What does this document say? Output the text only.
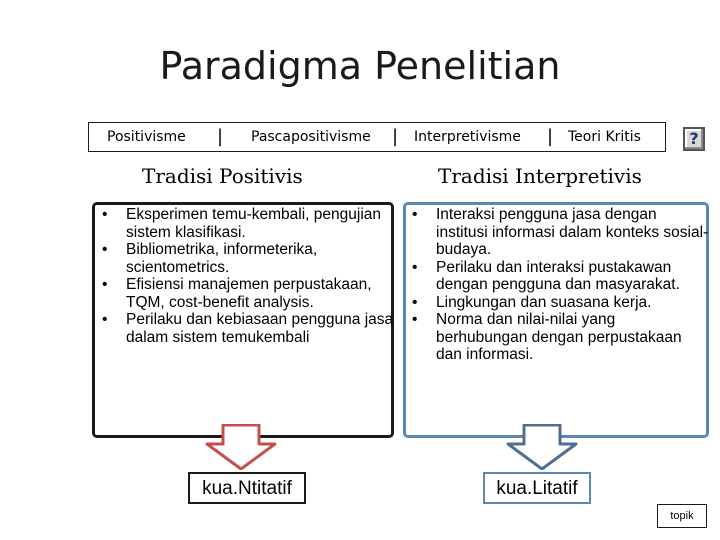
Paradigma Penelitian
Positivisme | Pascapositivisme | Interpretivisme | Teori Kritis	?
Tradisi Positivis	Tradisi Interpretivis
• Eksperimen temu-kembali, pengujian sistem klasifikasi.
• Bibliometrika, informeterika, scientometrics.
• Efisiensi manajemen perpustakaan, TQM, cost-benefit analysis.
• Perilaku dan kebiasaan pengguna jasa dalam sistem temukembali
• Interaksi pengguna jasa dengan institusi informasi dalam konteks sosial-budaya.
• Perilaku dan interaksi pustakawan dengan pengguna dan masyarakat.
• Lingkungan dan suasana kerja.
• Norma dan nilai-nilai yang berhubungan dengan perpustakaan dan informasi.
kua.Ntitatif	kua.Litatif
topik
